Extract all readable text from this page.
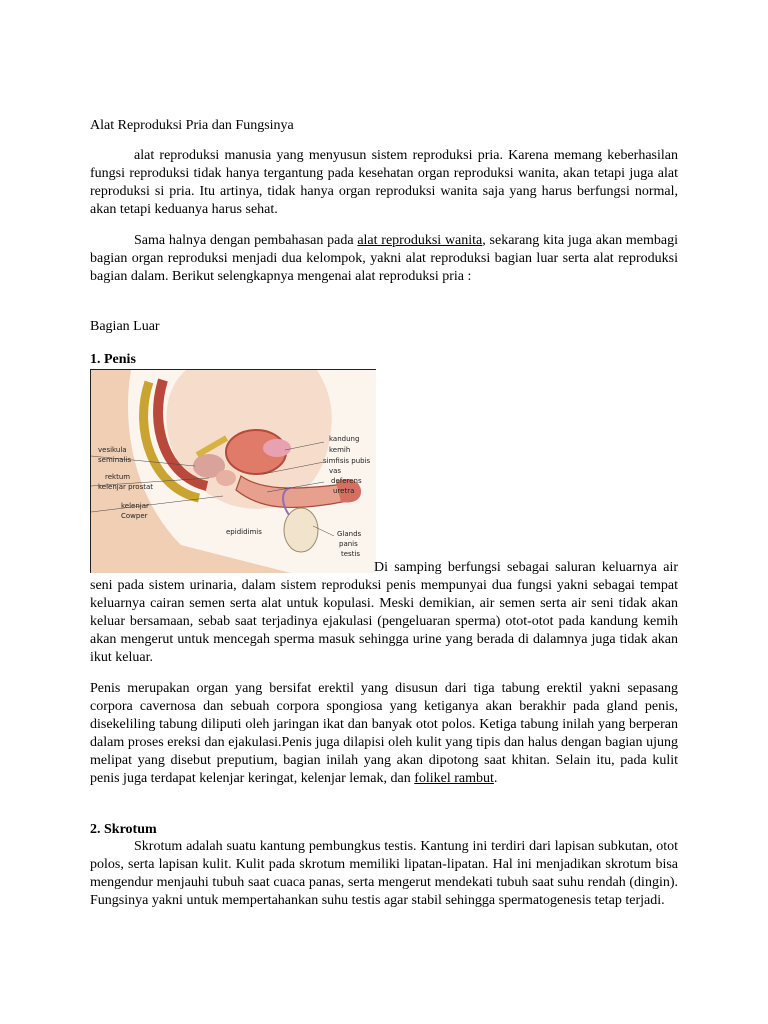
Alat Reproduksi Pria dan Fungsinya
alat reproduksi manusia yang menyusun sistem reproduksi pria. Karena memang keberhasilan fungsi reproduksi tidak hanya tergantung pada kesehatan organ reproduksi wanita, akan tetapi juga alat reproduksi si pria. Itu artinya, tidak hanya organ reproduksi wanita saja yang harus berfungsi normal, akan tetapi keduanya harus sehat.
Sama halnya dengan pembahasan pada alat reproduksi wanita, sekarang kita juga akan membagi bagian organ reproduksi menjadi dua kelompok, yakni alat reproduksi bagian luar serta alat reproduksi bagian dalam. Berikut selengkapnya mengenai alat reproduksi pria :
Bagian Luar
1. Penis
vesikula
seminalis
rektum
kelenjar prostat
kelenjar
Cowper
epididimis
kandung
kemih
simfisis pubis
vas
deferens
uretra
Glands
panis
testis
Di samping berfungsi sebagai saluran keluarnya air seni pada sistem urinaria, dalam sistem reproduksi penis mempunyai dua fungsi yakni sebagai tempat keluarnya cairan semen serta alat untuk kopulasi. Meski demikian, air semen serta air seni tidak akan keluar bersamaan, sebab saat terjadinya ejakulasi (pengeluaran sperma) otot-otot pada kandung kemih akan mengerut untuk mencegah sperma masuk sehingga urine yang berada di dalamnya juga tidak akan ikut keluar.
Penis merupakan organ yang bersifat erektil yang disusun dari tiga tabung erektil yakni sepasang corpora cavernosa dan sebuah corpora spongiosa yang ketiganya akan berakhir pada gland penis, disekeliling tabung diliputi oleh jaringan ikat dan banyak otot polos. Ketiga tabung inilah yang berperan dalam proses ereksi dan ejakulasi.Penis juga dilapisi oleh kulit yang tipis dan halus dengan bagian ujung melipat yang disebut preputium, bagian inilah yang akan dipotong saat khitan. Selain itu, pada kulit penis juga terdapat kelenjar keringat, kelenjar lemak, dan folikel rambut.
2. Skrotum
Skrotum adalah suatu kantung pembungkus testis. Kantung ini terdiri dari lapisan subkutan, otot polos, serta lapisan kulit. Kulit pada skrotum memiliki lipatan-lipatan. Hal ini menjadikan skrotum bisa mengendur menjauhi tubuh saat cuaca panas, serta mengerut mendekati tubuh saat suhu rendah (dingin). Fungsinya yakni untuk mempertahankan suhu testis agar stabil sehingga spermatogenesis tetap terjadi.
